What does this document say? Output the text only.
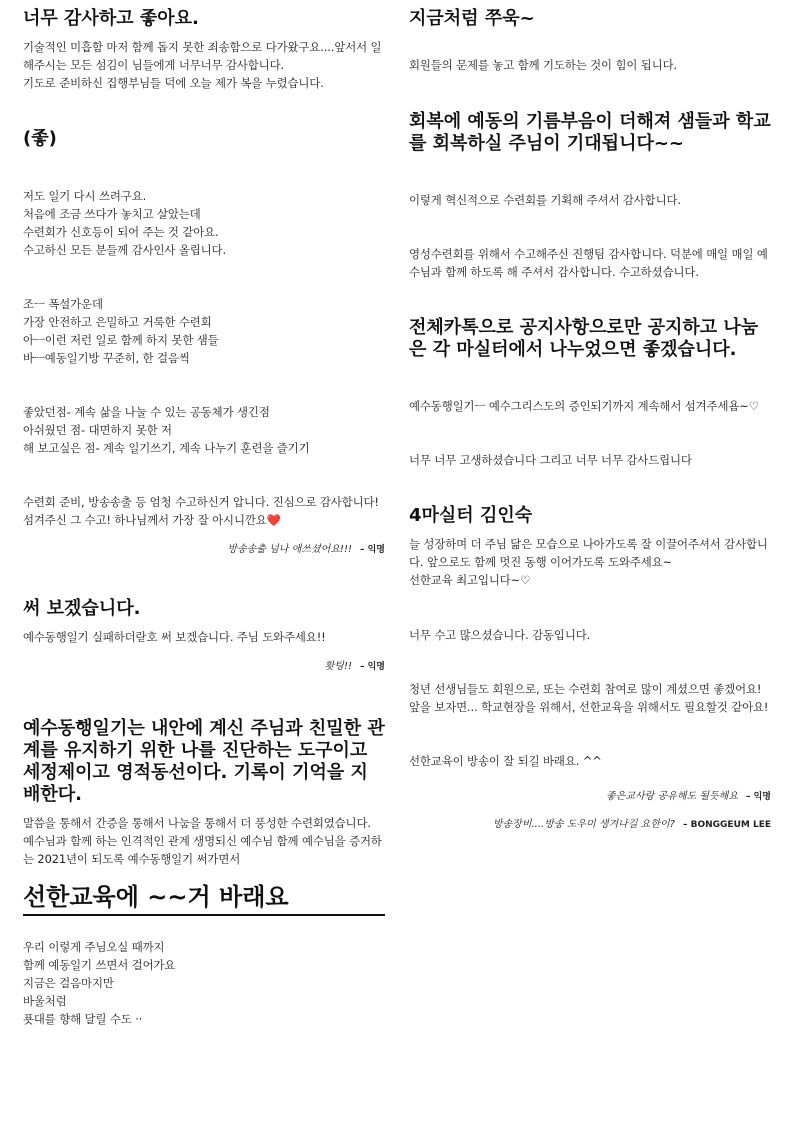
너무 감사하고 좋아요.

기술적인 미흡함 마저 함께 돕지 못한 죄송함으로 다가왔구요....앞서서 일
해주시는 모든 섬김이 님들에게 너무너무 감사합니다.
기도로 준비하신 집행부님들 덕에 오늘 제가 복을 누렸습니다.

(좋)

저도 일기 다시 쓰려구요.
처음에 조금 쓰다가 놓치고 살았는데
수련회가 신호등이 되어 주는 것 같아요.
수고하신 모든 분들께 감사인사 올립니다.

조ㅡ 폭설가운데
가장 안전하고 은밀하고 거룩한 수련회
아ㅡ이런 저런 일로 함께 하지 못한 샘들
바ㅡ예동일기방 꾸준히, 한 걸음씩

좋았던점- 계속 삶을 나눌 수 있는 공동체가 생긴점
아쉬웠던 점- 대면하지 못한 저
해 보고싶은 점- 계속 일기쓰기, 계속 나누기 훈련을 즐기기

수련회 준비, 방송송출 등 엄청 수고하신거 압니다. 진심으로 감사합니다!
섬겨주신 그 수고! 하나님께서 가장 잘 아시니깐요❤️

방송송출 넘나 애쓰셨어요!!! – 익명
써 보겠습니다.

예수동행일기 실패하더랃호 써 보겠습니다. 주님 도와주세요!!

홧팅!! – 익명
예수동행일기는 내안에 계신 주님과 친밀한 관계를 유지하기 위한 나를 진단하는 도구이고 세정제이고 영적동선이다. 기록이 기억을 지배한다.

말씀을 통해서 간증을 통해서 나눔을 통해서 더 풍성한 수련회였습니다.
예수님과 함께 하는 인격적인 관계 생명되신 예수님 함께 예수님을 증거하는 2021년이 되도록 예수동행일기 써가면서

선한교육에 ~~거 바래요

우리 이렇게 주님오실 때까지
함께 예동일기 쓰면서 걸어가요
지금은 걸음마지만
바울처럼
푯대를 향해 달릴 수도 ··

지금처럼 쭈욱~

회원들의 문제를 놓고 함께 기도하는 것이 힘이 됩니다.

회복에 예동의 기름부음이 더해져 샘들과 학교를 회복하실 주님이 기대됩니다~~

이렇게 혁신적으로 수련회를 기획해 주셔서 감사합니다.

영성수련회를 위해서 수고해주신 진행팀 감사합니다. 덕분에 매일 매일 예수님과 함께 하도록 해 주셔서 감사합니다. 수고하셨습니다.

전체카톡으로 공지사항으로만 공지하고 나눔은 각 마실터에서 나누었으면 좋겠습니다.

예수동행일기ㅡ 예수그리스도의 증인되기까지 계속해서 섬겨주세욤~♡

너무 너무 고생하셨습니다 그리고 너무 너무 감사드립니다

4마실터 김인숙

늘 성장하며 더 주님 닮은 모습으로 나아가도록 잘 이끌어주셔서 감사합니다. 앞으로도 함께 멋진 동행 이어가도록 도와주세요~
선한교육 최고입니다~♡

너무 수고 많으셨습니다. 감동입니다.

청년 선생님들도 회원으로, 또는 수련회 참여로 많이 계셨으면 좋겠어요!
앞을 보자면... 학교현장을 위해서, 선한교육을 위해서도 필요할것 같아요!

선한교육이 방송이 잘 되길 바래요. ^^

좋은교사랑 공유해도 될듯해요 – 익명
방송장비....방송 도우미 생겨나길 요한이? – BONGGEUM LEE
